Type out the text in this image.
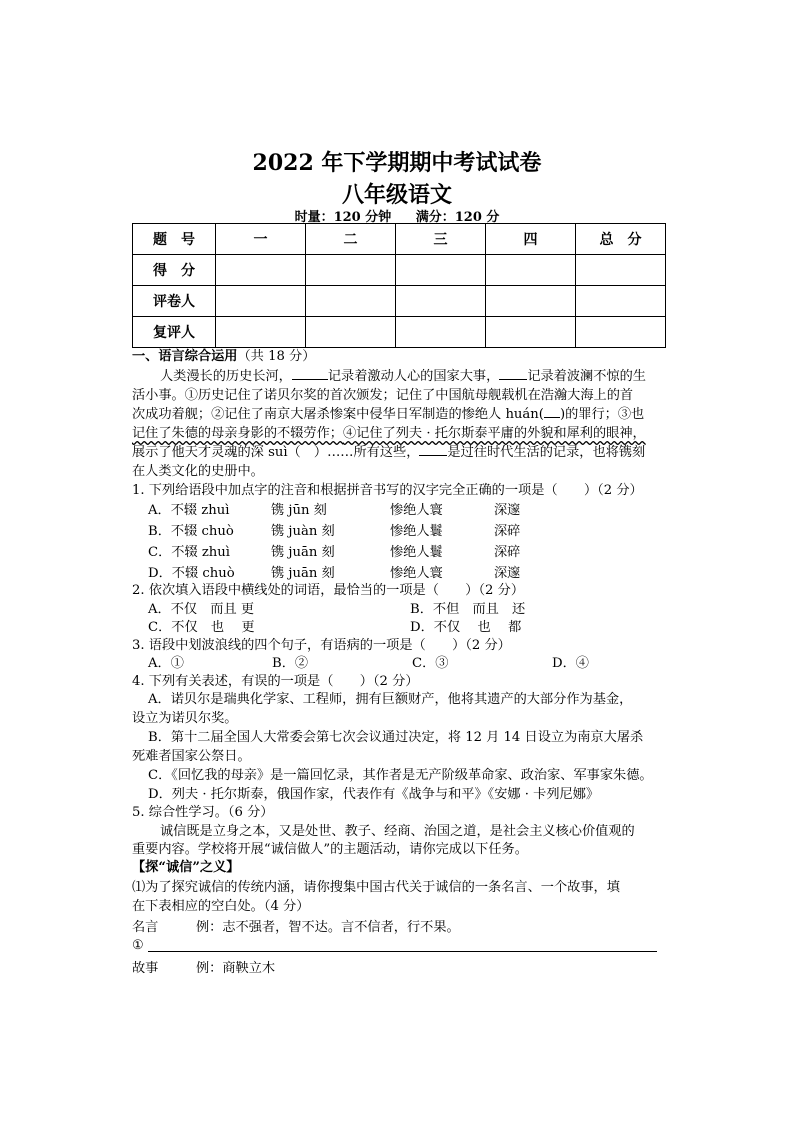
2022 年下学期期中考试试卷
八年级语文
时量：120 分钟 满分：120 分
题　号	一	二	三	四	总　分
得　分					
评卷人					
复评人					
一、语言综合运用（共 18 分）
人类漫长的历史长河，	记录着激动人心的国家大事， 记录着波澜不惊的生
活小事。①历史记住了诺贝尔奖的首次颁发；记住了中国航母舰载机在浩瀚大海上的首
次成功着舰；②记住了南京大屠杀惨案中侵华日军制造的惨绝人 huán( )的罪行；③也
记住了朱德的母亲身影的不辍劳作；④记住了列夫 · 托尔斯泰平庸的外貌和犀利的眼神，
展示了他天才灵魂的深 suì（　）……所有这些， 是过往时代生活的记录，也将镌刻
在人类文化的史册中。
1. 下列给语段中加点字的注音和根据拼音书写的汉字完全正确的一项是（　　）（2 分）
A．不辍 zhuì	镌 jūn 刻	惨绝人寰	深邃
B．不辍 chuò	镌 juàn 刻	惨绝人鬟	深碎
C．不辍 zhuì	镌 juān 刻	惨绝人鬟	深碎
D．不辍 chuò	镌 juān 刻	惨绝人寰	深邃
2. 依次填入语段中横线处的词语，最恰当的一项是（　　）（2 分）
A．不仅　而且 更	B．不但　而且　还
C．不仅　也　 更	D．不仅　 也　 都
3. 语段中划波浪线的四个句子，有语病的一项是（　　）（2 分）
A．①	B．②	C．③	D．④
4. 下列有关表述，有误的一项是（　　）（2 分）
A．诺贝尔是瑞典化学家、工程师，拥有巨额财产，他将其遗产的大部分作为基金，
设立为诺贝尔奖。
B．第十二届全国人大常委会第七次会议通过决定，将 12 月 14 日设立为南京大屠杀
死难者国家公祭日。
C．《回忆我的母亲》是一篇回忆录，其作者是无产阶级革命家、政治家、军事家朱德。
D．列夫 · 托尔斯泰，俄国作家，代表作有《战争与和平》《安娜 · 卡列尼娜》
5. 综合性学习。（6 分）
诚信既是立身之本，又是处世、教子、经商、治国之道，是社会主义核心价值观的
重要内容。学校将开展“诚信做人”的主题活动，请你完成以下任务。
【探“诚信”之义】
⑴为了探究诚信的传统内涵，请你搜集中国古代关于诚信的一条名言、一个故事，填
在下表相应的空白处。（4 分）
名言	例：志不强者，智不达。言不信者，行不果。
①
故事	例：商鞅立木
